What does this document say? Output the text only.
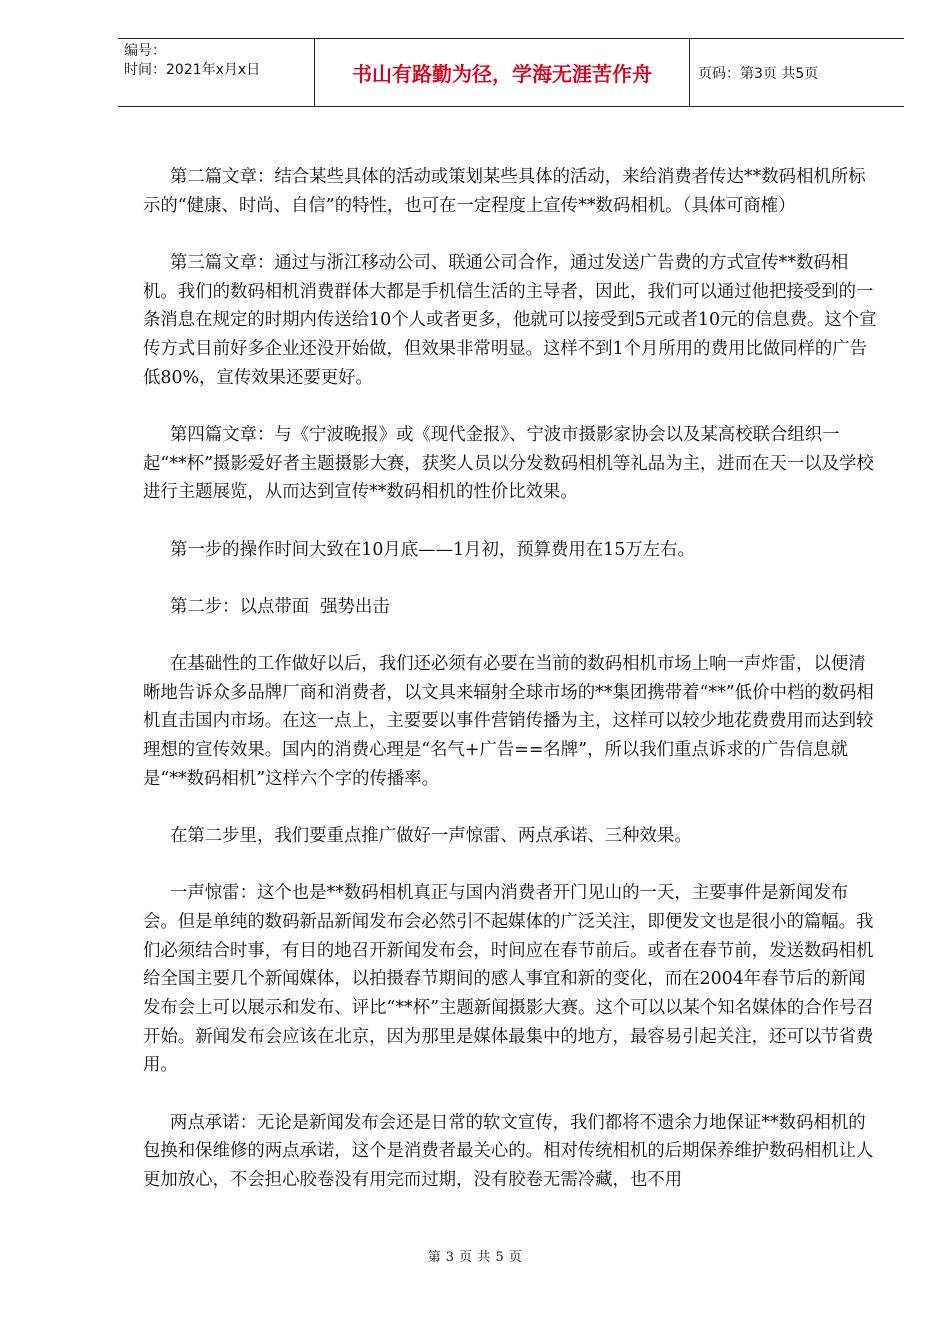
编号：
时间：2021年x月x日	书山有路勤为径，学海无涯苦作舟	页码：第3页 共5页

第二篇文章：结合某些具体的活动或策划某些具体的活动，来给消费者传达**数码相机所标示的“健康、时尚、自信”的特性，也可在一定程度上宣传**数码相机。（具体可商榷）

第三篇文章：通过与浙江移动公司、联通公司合作，通过发送广告费的方式宣传**数码相机。我们的数码相机消费群体大都是手机信生活的主导者，因此，我们可以通过他把接受到的一条消息在规定的时期内传送给10个人或者更多，他就可以接受到5元或者10元的信息费。这个宣传方式目前好多企业还没开始做，但效果非常明显。这样不到1个月所用的费用比做同样的广告低80%，宣传效果还要更好。

第四篇文章：与《宁波晚报》或《现代金报》、宁波市摄影家协会以及某高校联合组织一起“**杯”摄影爱好者主题摄影大赛，获奖人员以分发数码相机等礼品为主，进而在天一以及学校进行主题展览，从而达到宣传**数码相机的性价比效果。

第一步的操作时间大致在10月底——1月初，预算费用在15万左右。

第二步：以点带面  强势出击

在基础性的工作做好以后，我们还必须有必要在当前的数码相机市场上响一声炸雷，以便清晰地告诉众多品牌厂商和消费者，以文具来辐射全球市场的**集团携带着“**”低价中档的数码相机直击国内市场。在这一点上，主要要以事件营销传播为主，这样可以较少地花费费用而达到较理想的宣传效果。国内的消费心理是“名气+广告==名牌”，所以我们重点诉求的广告信息就是“**数码相机”这样六个字的传播率。

在第二步里，我们要重点推广做好一声惊雷、两点承诺、三种效果。

一声惊雷：这个也是**数码相机真正与国内消费者开门见山的一天，主要事件是新闻发布会。但是单纯的数码新品新闻发布会必然引不起媒体的广泛关注，即便发文也是很小的篇幅。我们必须结合时事，有目的地召开新闻发布会，时间应在春节前后。或者在春节前，发送数码相机给全国主要几个新闻媒体，以拍摄春节期间的感人事宜和新的变化，而在2004年春节后的新闻发布会上可以展示和发布、评比“**杯”主题新闻摄影大赛。这个可以以某个知名媒体的合作号召开始。新闻发布会应该在北京，因为那里是媒体最集中的地方，最容易引起关注，还可以节省费用。

两点承诺：无论是新闻发布会还是日常的软文宣传，我们都将不遗余力地保证**数码相机的包换和保维修的两点承诺，这个是消费者最关心的。相对传统相机的后期保养维护数码相机让人更加放心，不会担心胶卷没有用完而过期，没有胶卷无需冷藏，也不用

第 3 页 共 5 页
